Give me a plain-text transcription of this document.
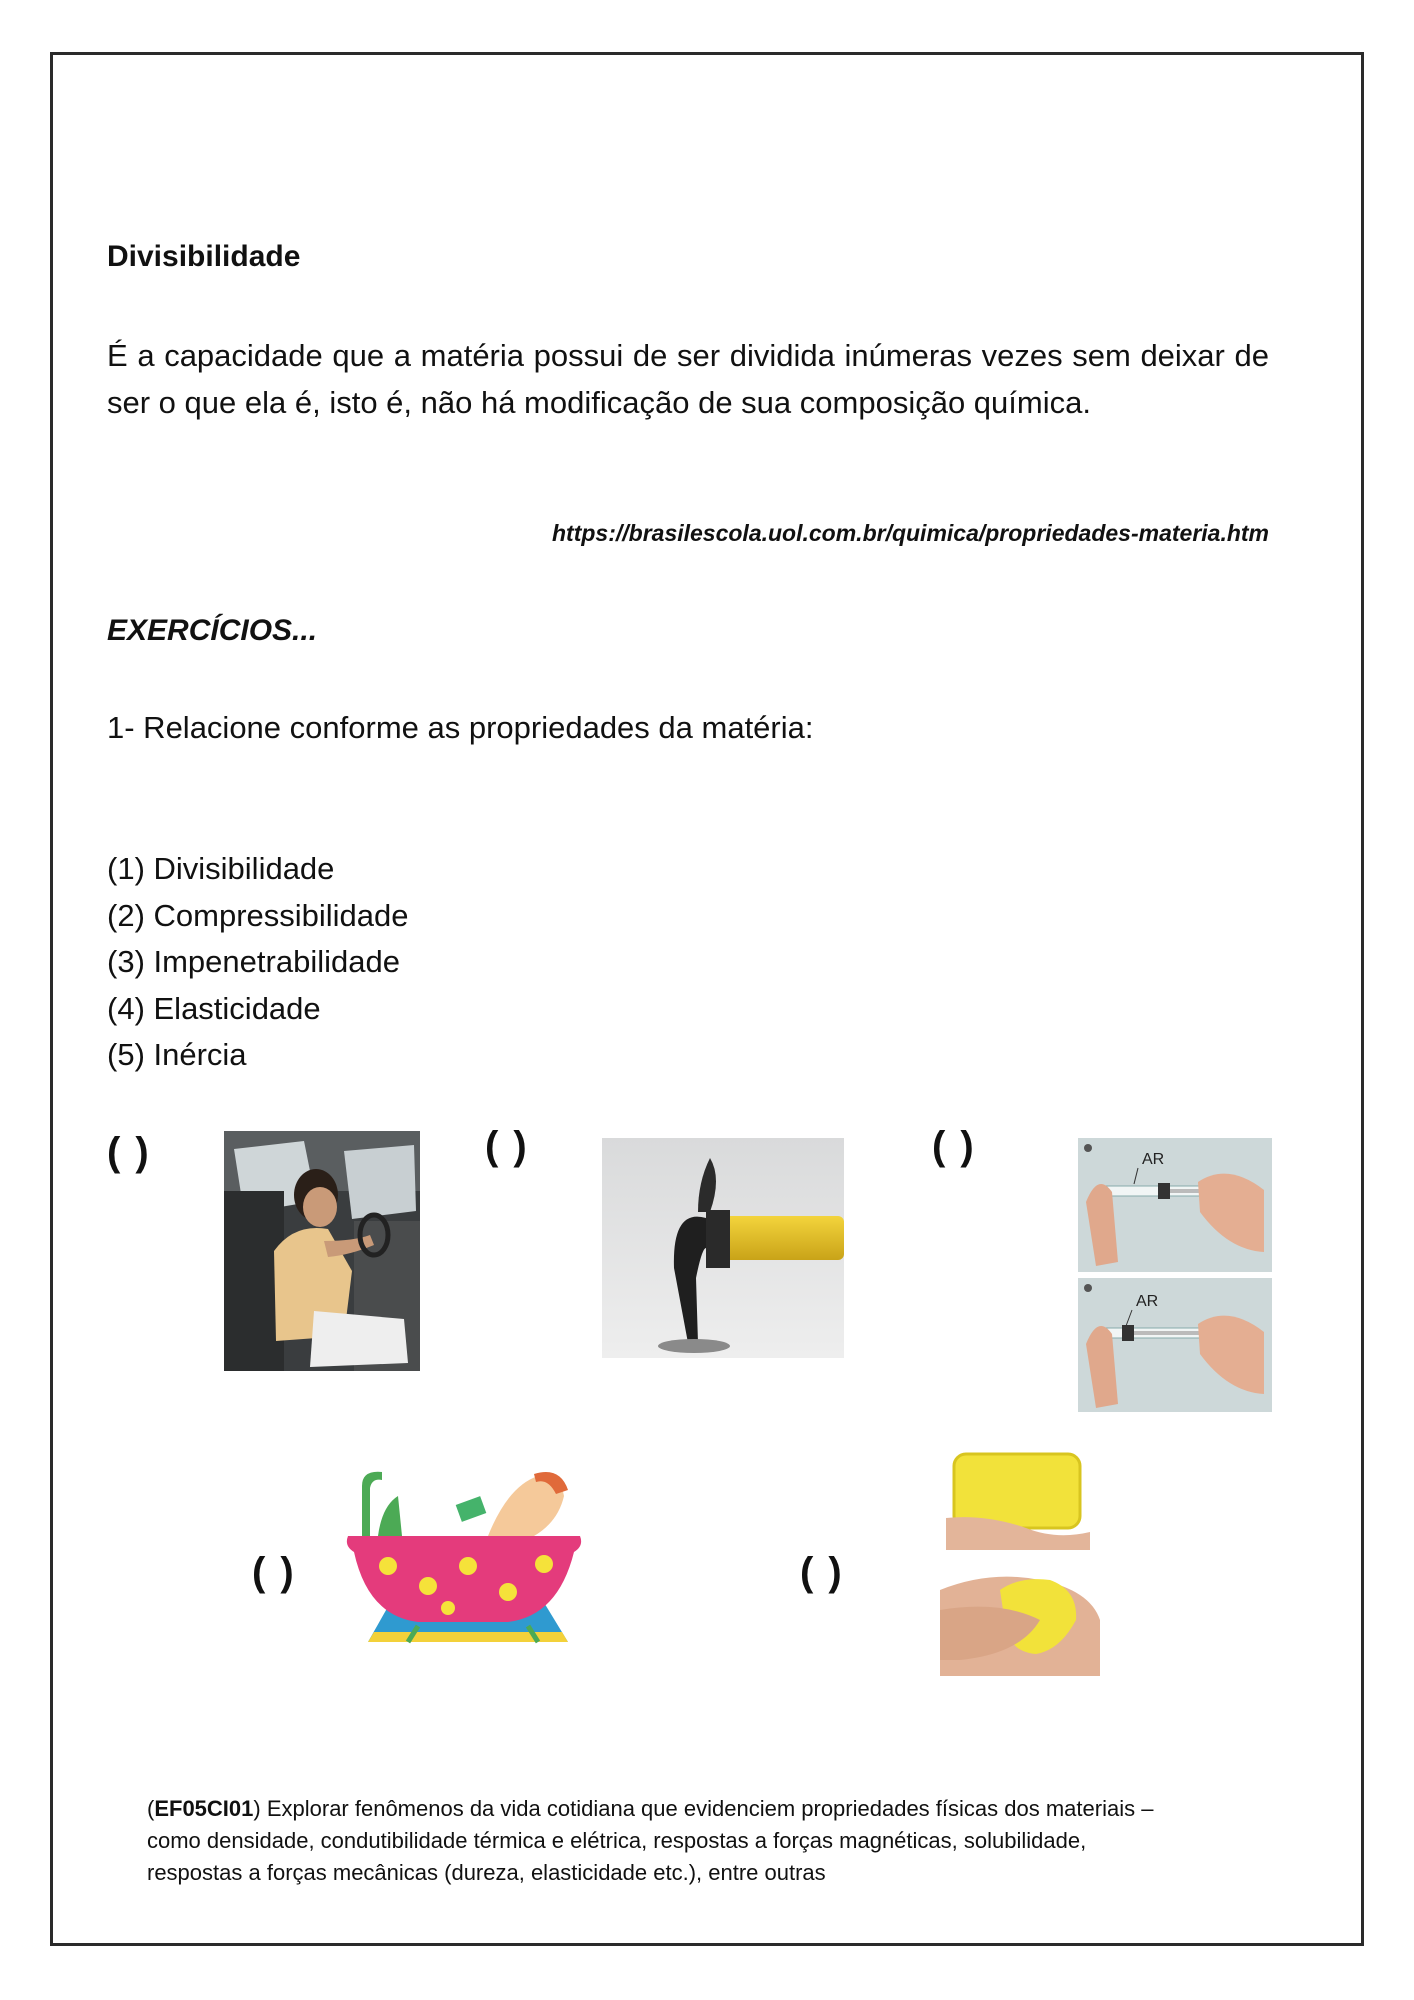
Divisibilidade
É a capacidade que a matéria possui de ser dividida inúmeras vezes sem deixar de ser o que ela é, isto é, não há modificação de sua composição química.
https://brasilescola.uol.com.br/quimica/propriedades-materia.htm
EXERCÍCIOS...
1- Relacione conforme as propriedades da matéria:
(1) Divisibilidade
(2) Compressibilidade
(3) Impenetrabilidade
(4) Elasticidade
(5) Inércia
( )	( )	( )
( )	( )
AR
AR
(EF05CI01) Explorar fenômenos da vida cotidiana que evidenciem propriedades físicas dos materiais – como densidade, condutibilidade térmica e elétrica, respostas a forças magnéticas, solubilidade, respostas a forças mecânicas (dureza, elasticidade etc.), entre outras
